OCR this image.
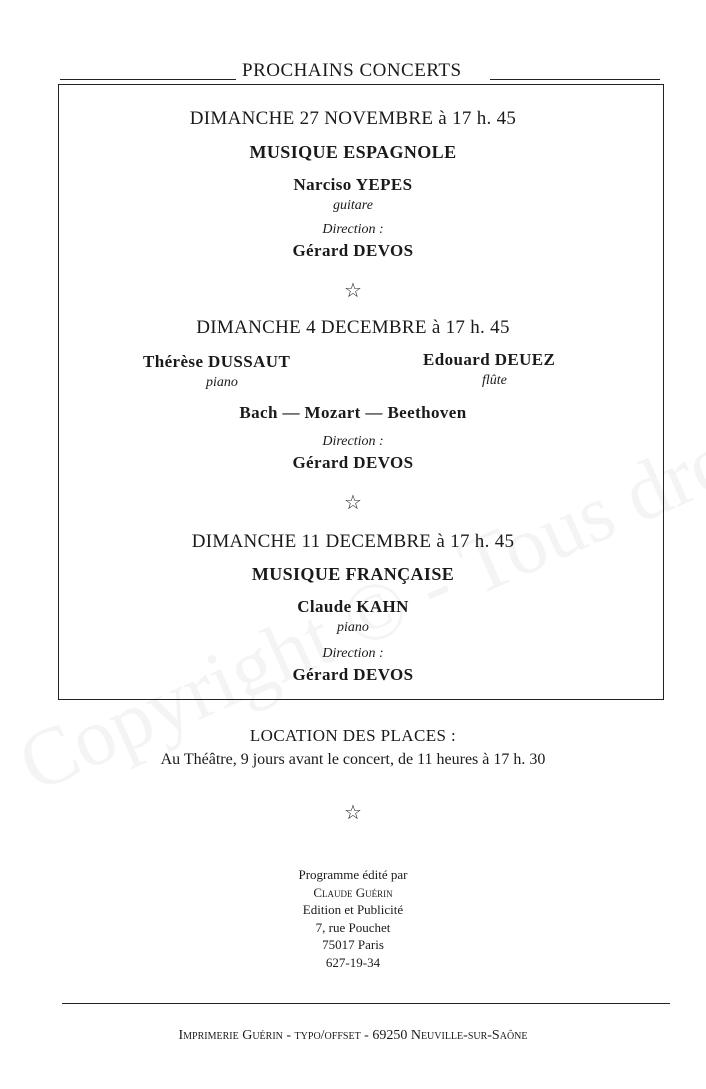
PROCHAINS CONCERTS
DIMANCHE 27 NOVEMBRE à 17 h. 45
MUSIQUE ESPAGNOLE
Narciso YEPES
guitare
Direction :
Gérard DEVOS
☆
DIMANCHE 4 DECEMBRE à 17 h. 45
Thérèse DUSSAUT
piano
Edouard DEUEZ
flûte
Bach — Mozart — Beethoven
Direction :
Gérard DEVOS
☆
DIMANCHE 11 DECEMBRE à 17 h. 45
MUSIQUE FRANÇAISE
Claude KAHN
piano
Direction :
Gérard DEVOS
LOCATION DES PLACES :
Au Théâtre, 9 jours avant le concert, de 11 heures à 17 h. 30
☆
Programme édité par
Claude Guérin
Edition et Publicité
7, rue Pouchet
75017 Paris
627-19-34
Imprimerie Guérin - typo/offset - 69250 Neuville-sur-Saône
